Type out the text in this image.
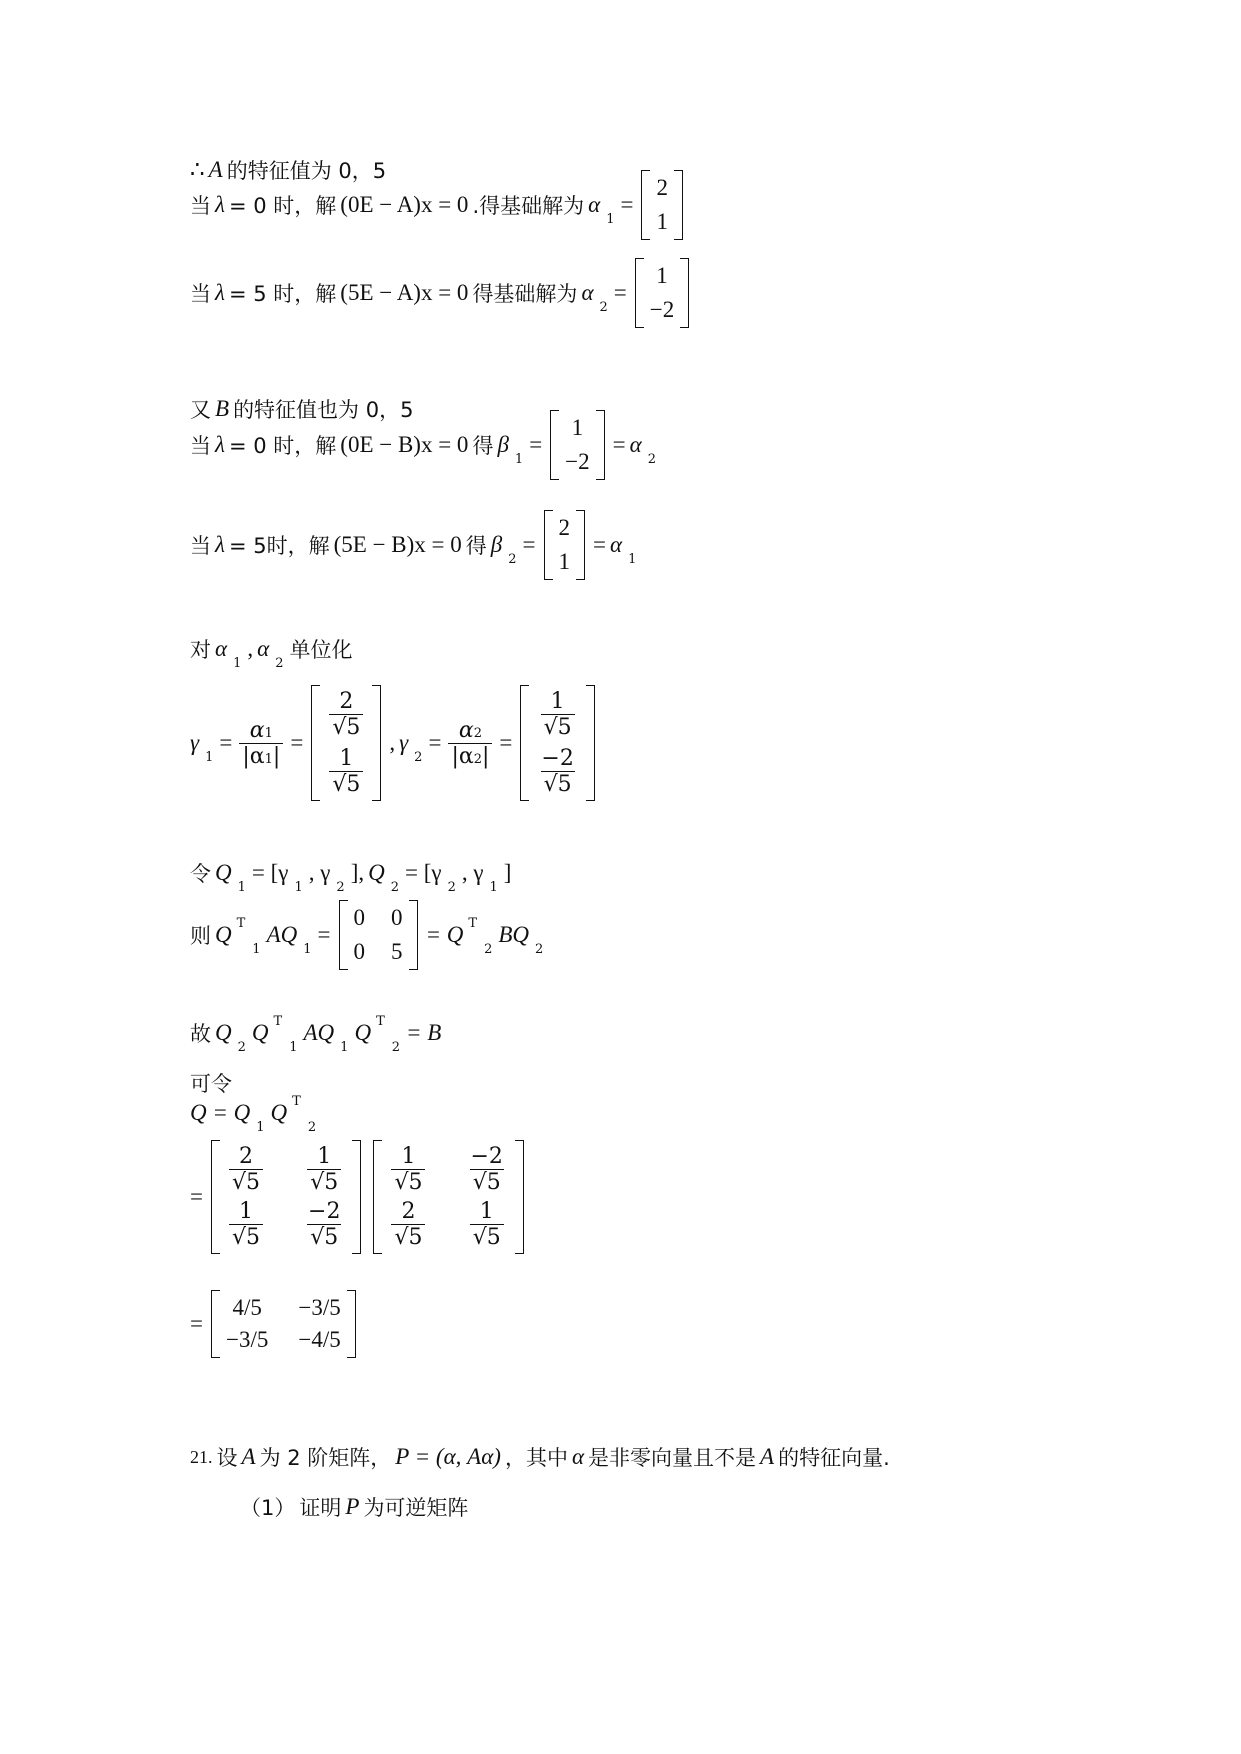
∴ A 的特征值为 0，5
当 λ = 0 时，解 (0E − A)x = 0 .得基础解为 α
1
=
2
1
当 λ = 5 时，解 (5E − A)x = 0 得基础解为 α
2
=
1
−2
又 B 的特征值也为 0，5
当 λ = 0 时，解 (0E − B)x = 0 得 β
1
=
1
−2
= α
2
当 λ = 5时，解 (5E − B)x = 0 得 β
2
=
2
1
= α
1
对 α
1
, α
2
单位化
γ
1
= $\frac{\alpha 1}{|\alpha 1|}$ =
$\frac{2}{√5}$
$\frac{1}{√5}$
, γ
2
= $\frac{\alpha 2}{|\alpha 2|}$ =
$\frac{1}{√5}$
$\frac{-2}{√5}$
令 Q
1
= [γ
1
, γ
2
], Q
2
= [γ
2
, γ
1
]
则 Q T
1
AQ
1
=
0 0
0 5
= Q T
2
BQ
2
故 Q
2
Q T
1
AQ
1
Q T
2
= B
可令
Q = Q
1
Q T
2
=
$\frac{2}{√5} \frac{1}{√5}$
$\frac{1}{√5} \frac{-2}{√5}$
$\frac{1}{√5} \frac{-2}{√5}$
$\frac{2}{√5} \frac{1}{√5}$
=
4/5 −3/5
−3/5 −4/5
21. 设 A 为 2 阶矩阵， P = (α, Aα) ，其中 α 是非零向量且不是 A 的特征向量.
（1） 证明 P 为可逆矩阵
